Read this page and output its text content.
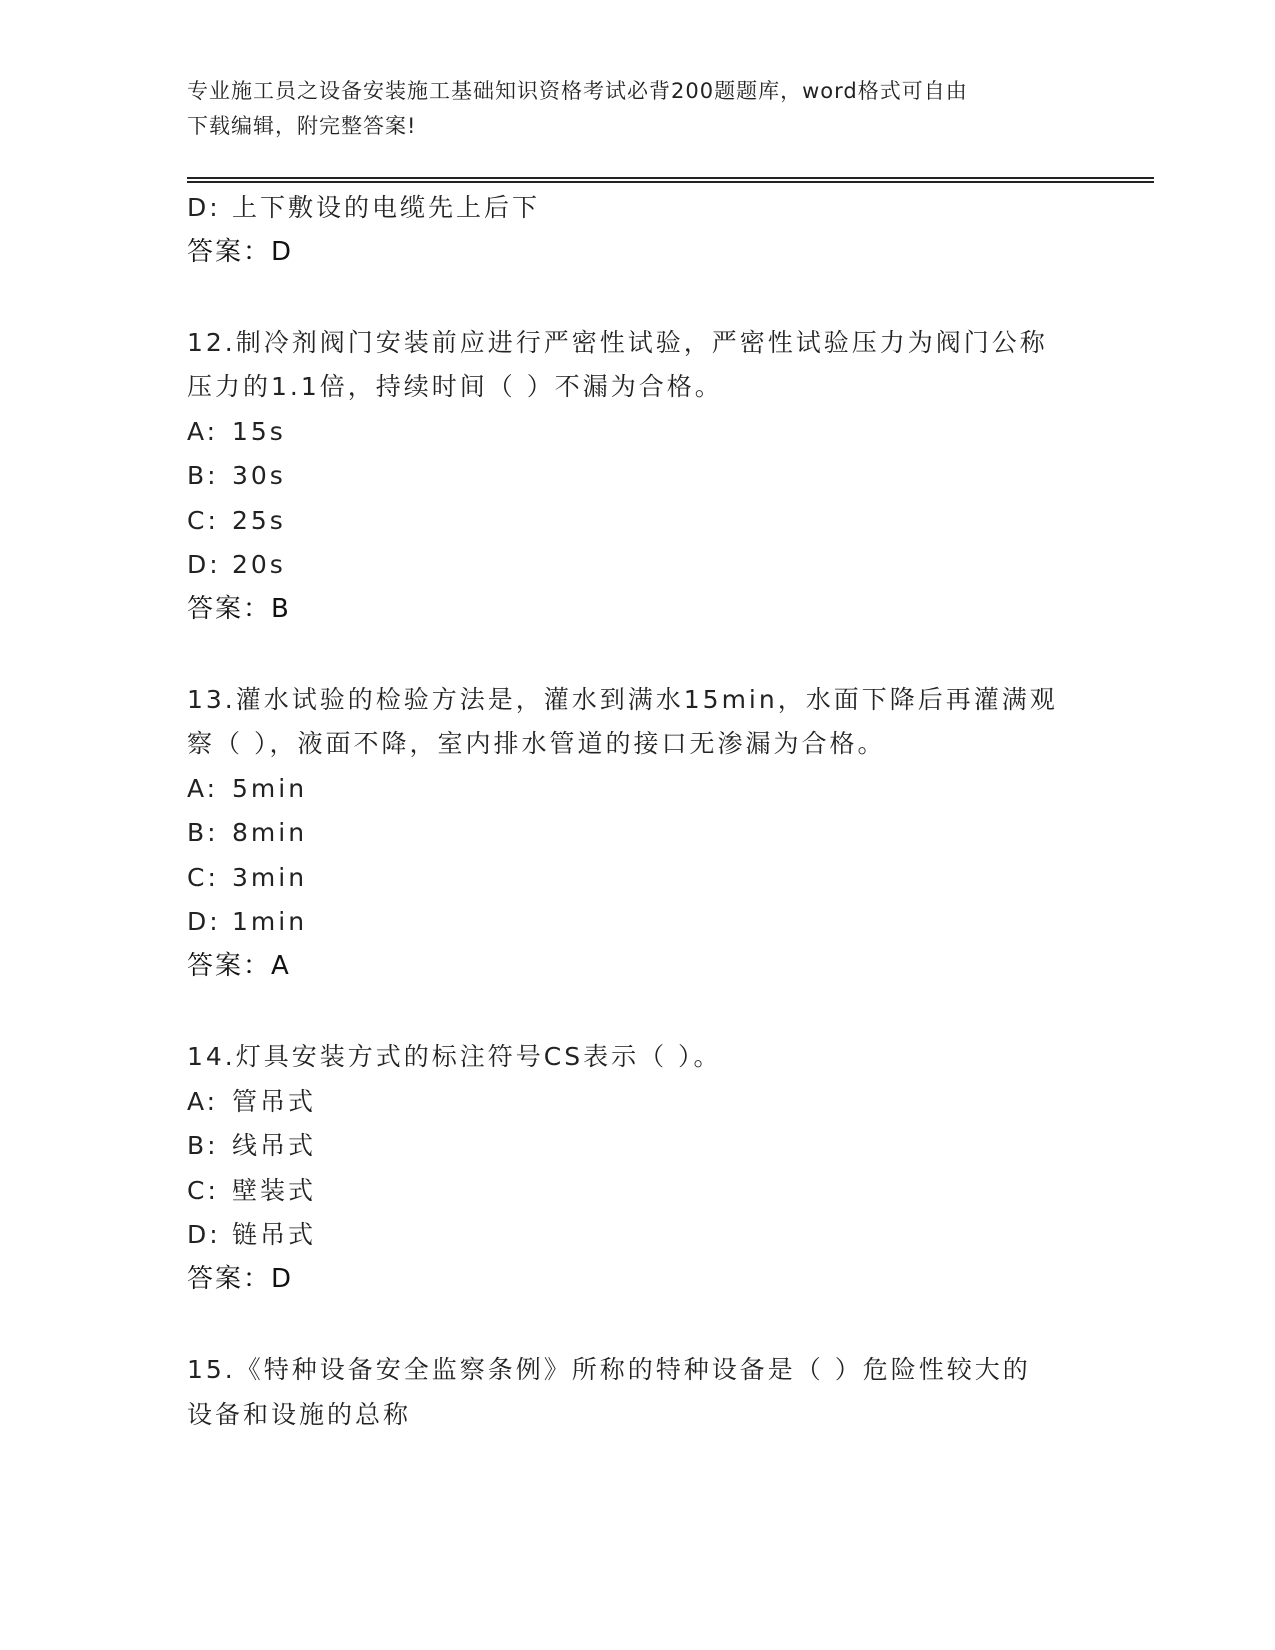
专业施工员之设备安装施工基础知识资格考试必背200题题库，word格式可自由
下载编辑，附完整答案!
D: 上下敷设的电缆先上后下
答案：D
12.制冷剂阀门安装前应进行严密性试验，严密性试验压力为阀门公称
压力的1.1倍，持续时间（ ）不漏为合格。
A: 15s
B: 30s
C: 25s
D: 20s
答案：B
13.灌水试验的检验方法是，灌水到满水15min，水面下降后再灌满观
察（ ），液面不降，室内排水管道的接口无渗漏为合格。
A: 5min
B: 8min
C: 3min
D: 1min
答案：A
14.灯具安装方式的标注符号CS表示（ ）。
A: 管吊式
B: 线吊式
C: 壁装式
D: 链吊式
答案：D
15.《特种设备安全监察条例》所称的特种设备是（ ）危险性较大的
设备和设施的总称
